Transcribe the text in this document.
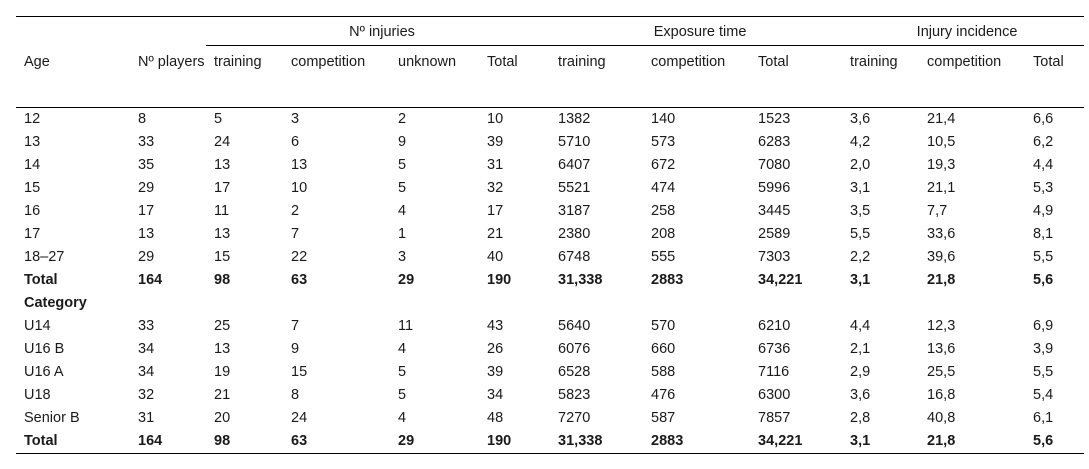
		Nº injuries				Exposure time			Injury incidence		
Age	Nº players	training	competition	unknown	Total	training	competition	Total	training	competition	Total
12	8	5	3	2	10	1382	140	1523	3,6	21,4	6,6
13	33	24	6	9	39	5710	573	6283	4,2	10,5	6,2
14	35	13	13	5	31	6407	672	7080	2,0	19,3	4,4
15	29	17	10	5	32	5521	474	5996	3,1	21,1	5,3
16	17	11	2	4	17	3187	258	3445	3,5	7,7	4,9
17	13	13	7	1	21	2380	208	2589	5,5	33,6	8,1
18–27	29	15	22	3	40	6748	555	7303	2,2	39,6	5,5
Total	164	98	63	29	190	31,338	2883	34,221	3,1	21,8	5,6
Category											
U14	33	25	7	11	43	5640	570	6210	4,4	12,3	6,9
U16 B	34	13	9	4	26	6076	660	6736	2,1	13,6	3,9
U16 A	34	19	15	5	39	6528	588	7116	2,9	25,5	5,5
U18	32	21	8	5	34	5823	476	6300	3,6	16,8	5,4
Senior B	31	20	24	4	48	7270	587	7857	2,8	40,8	6,1
Total	164	98	63	29	190	31,338	2883	34,221	3,1	21,8	5,6
